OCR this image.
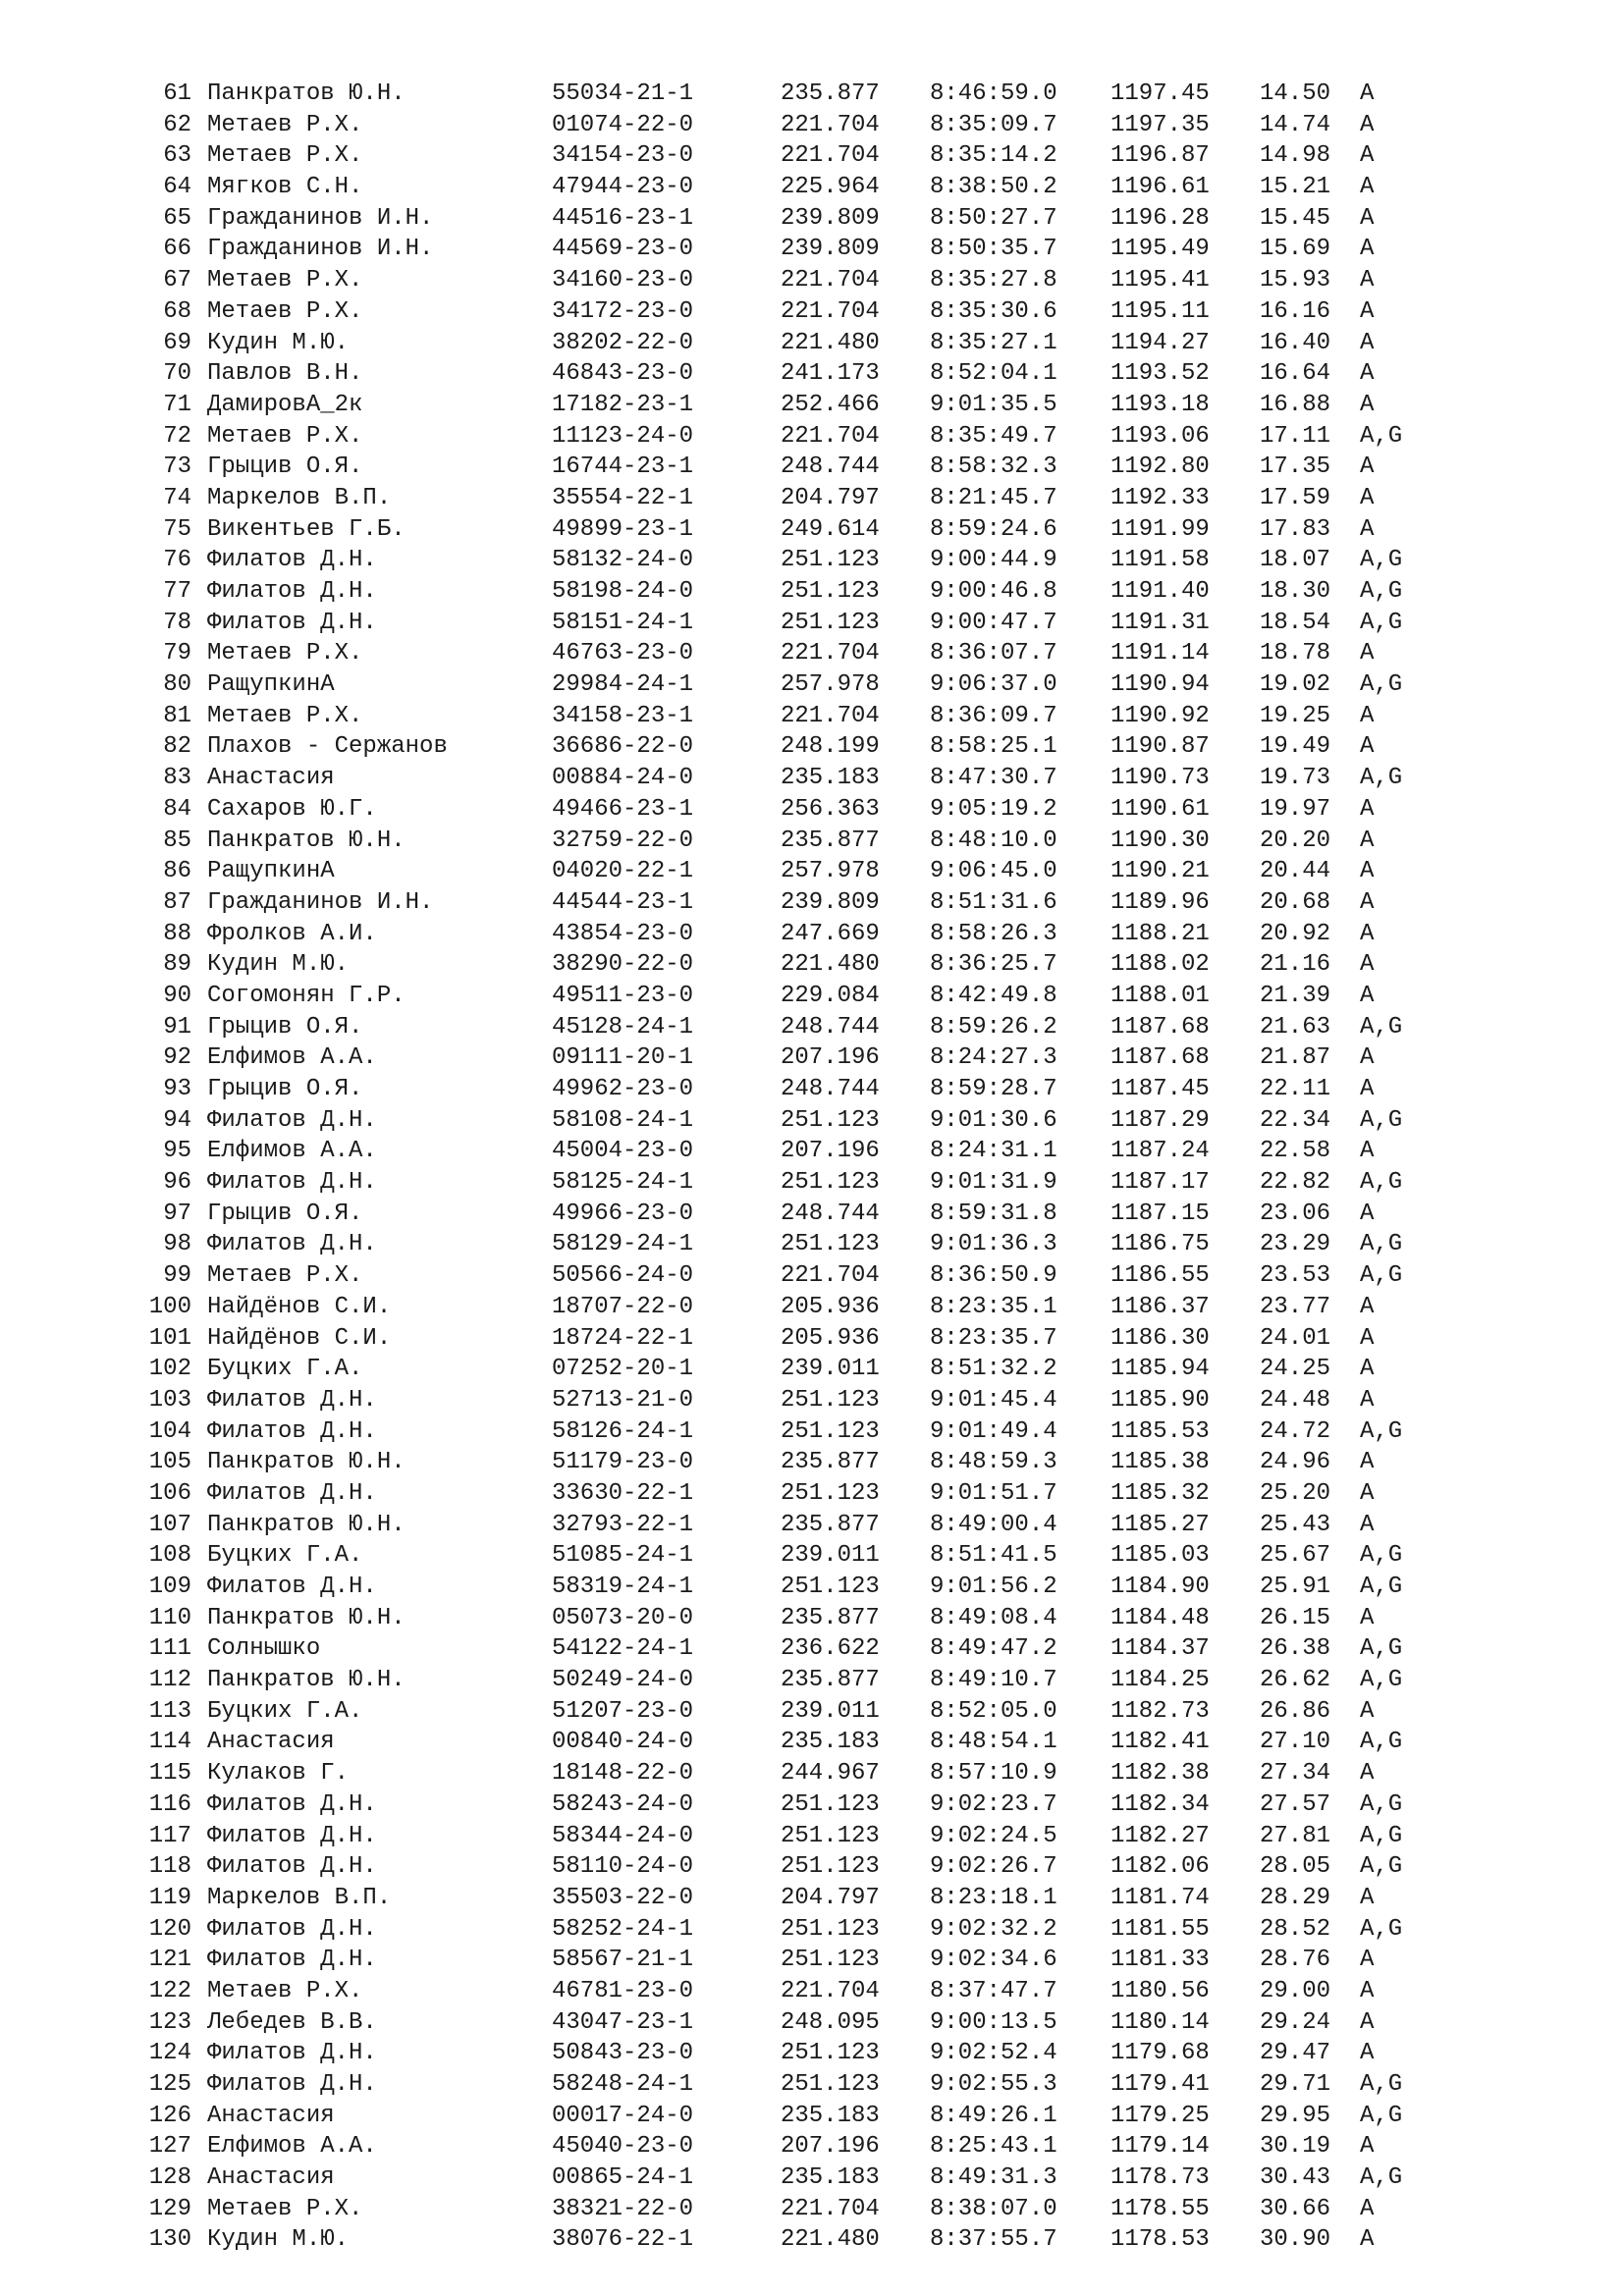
61 Панкратов Ю.Н.	55034-21-1	235.877 8:46:59.0 1197.45 14.50 A
62 Метаев Р.Х.	01074-22-0	221.704 8:35:09.7 1197.35 14.74 A
63 Метаев Р.Х.	34154-23-0	221.704 8:35:14.2 1196.87 14.98 A
64 Мягков С.Н.	47944-23-0	225.964 8:38:50.2 1196.61 15.21 A
65 Гражданинов И.Н.	44516-23-1	239.809 8:50:27.7 1196.28 15.45 A
66 Гражданинов И.Н.	44569-23-0	239.809 8:50:35.7 1195.49 15.69 A
67 Метаев Р.Х.	34160-23-0	221.704 8:35:27.8 1195.41 15.93 A
68 Метаев Р.Х.	34172-23-0	221.704 8:35:30.6 1195.11 16.16 A
69 Кудин М.Ю.	38202-22-0	221.480 8:35:27.1 1194.27 16.40 A
70 Павлов В.Н.	46843-23-0	241.173 8:52:04.1 1193.52 16.64 A
71 ДамировА_2к	17182-23-1	252.466 9:01:35.5 1193.18 16.88 A
72 Метаев Р.Х.	11123-24-0	221.704 8:35:49.7 1193.06 17.11 A,G
73 Грыцив О.Я.	16744-23-1	248.744 8:58:32.3 1192.80 17.35 A
74 Маркелов В.П.	35554-22-1	204.797 8:21:45.7 1192.33 17.59 A
75 Викентьев Г.Б.	49899-23-1	249.614 8:59:24.6 1191.99 17.83 A
76 Филатов Д.Н.	58132-24-0	251.123 9:00:44.9 1191.58 18.07 A,G
77 Филатов Д.Н.	58198-24-0	251.123 9:00:46.8 1191.40 18.30 A,G
78 Филатов Д.Н.	58151-24-1	251.123 9:00:47.7 1191.31 18.54 A,G
79 Метаев Р.Х.	46763-23-0	221.704 8:36:07.7 1191.14 18.78 A
80 РащупкинА	29984-24-1	257.978 9:06:37.0 1190.94 19.02 A,G
81 Метаев Р.Х.	34158-23-1	221.704 8:36:09.7 1190.92 19.25 A
82 Плахов - Сержанов	36686-22-0	248.199 8:58:25.1 1190.87 19.49 A
83 Анастасия	00884-24-0	235.183 8:47:30.7 1190.73 19.73 A,G
84 Сахаров Ю.Г.	49466-23-1	256.363 9:05:19.2 1190.61 19.97 A
85 Панкратов Ю.Н.	32759-22-0	235.877 8:48:10.0 1190.30 20.20 A
86 РащупкинА	04020-22-1	257.978 9:06:45.0 1190.21 20.44 A
87 Гражданинов И.Н.	44544-23-1	239.809 8:51:31.6 1189.96 20.68 A
88 Фролков А.И.	43854-23-0	247.669 8:58:26.3 1188.21 20.92 A
89 Кудин М.Ю.	38290-22-0	221.480 8:36:25.7 1188.02 21.16 A
90 Согомонян Г.Р.	49511-23-0	229.084 8:42:49.8 1188.01 21.39 A
91 Грыцив О.Я.	45128-24-1	248.744 8:59:26.2 1187.68 21.63 A,G
92 Елфимов А.А.	09111-20-1	207.196 8:24:27.3 1187.68 21.87 A
93 Грыцив О.Я.	49962-23-0	248.744 8:59:28.7 1187.45 22.11 A
94 Филатов Д.Н.	58108-24-1	251.123 9:01:30.6 1187.29 22.34 A,G
95 Елфимов А.А.	45004-23-0	207.196 8:24:31.1 1187.24 22.58 A
96 Филатов Д.Н.	58125-24-1	251.123 9:01:31.9 1187.17 22.82 A,G
97 Грыцив О.Я.	49966-23-0	248.744 8:59:31.8 1187.15 23.06 A
98 Филатов Д.Н.	58129-24-1	251.123 9:01:36.3 1186.75 23.29 A,G
99 Метаев Р.Х.	50566-24-0	221.704 8:36:50.9 1186.55 23.53 A,G
100 Найдёнов С.И.	18707-22-0	205.936 8:23:35.1 1186.37 23.77 A
101 Найдёнов С.И.	18724-22-1	205.936 8:23:35.7 1186.30 24.01 A
102 Буцких Г.А.	07252-20-1	239.011 8:51:32.2 1185.94 24.25 A
103 Филатов Д.Н.	52713-21-0	251.123 9:01:45.4 1185.90 24.48 A
104 Филатов Д.Н.	58126-24-1	251.123 9:01:49.4 1185.53 24.72 A,G
105 Панкратов Ю.Н.	51179-23-0	235.877 8:48:59.3 1185.38 24.96 A
106 Филатов Д.Н.	33630-22-1	251.123 9:01:51.7 1185.32 25.20 A
107 Панкратов Ю.Н.	32793-22-1	235.877 8:49:00.4 1185.27 25.43 A
108 Буцких Г.А.	51085-24-1	239.011 8:51:41.5 1185.03 25.67 A,G
109 Филатов Д.Н.	58319-24-1	251.123 9:01:56.2 1184.90 25.91 A,G
110 Панкратов Ю.Н.	05073-20-0	235.877 8:49:08.4 1184.48 26.15 A
111 Солнышко	54122-24-1	236.622 8:49:47.2 1184.37 26.38 A,G
112 Панкратов Ю.Н.	50249-24-0	235.877 8:49:10.7 1184.25 26.62 A,G
113 Буцких Г.А.	51207-23-0	239.011 8:52:05.0 1182.73 26.86 A
114 Анастасия	00840-24-0	235.183 8:48:54.1 1182.41 27.10 A,G
115 Кулаков Г.	18148-22-0	244.967 8:57:10.9 1182.38 27.34 A
116 Филатов Д.Н.	58243-24-0	251.123 9:02:23.7 1182.34 27.57 A,G
117 Филатов Д.Н.	58344-24-0	251.123 9:02:24.5 1182.27 27.81 A,G
118 Филатов Д.Н.	58110-24-0	251.123 9:02:26.7 1182.06 28.05 A,G
119 Маркелов В.П.	35503-22-0	204.797 8:23:18.1 1181.74 28.29 A
120 Филатов Д.Н.	58252-24-1	251.123 9:02:32.2 1181.55 28.52 A,G
121 Филатов Д.Н.	58567-21-1	251.123 9:02:34.6 1181.33 28.76 A
122 Метаев Р.Х.	46781-23-0	221.704 8:37:47.7 1180.56 29.00 A
123 Лебедев В.В.	43047-23-1	248.095 9:00:13.5 1180.14 29.24 A
124 Филатов Д.Н.	50843-23-0	251.123 9:02:52.4 1179.68 29.47 A
125 Филатов Д.Н.	58248-24-1	251.123 9:02:55.3 1179.41 29.71 A,G
126 Анастасия	00017-24-0	235.183 8:49:26.1 1179.25 29.95 A,G
127 Елфимов А.А.	45040-23-0	207.196 8:25:43.1 1179.14 30.19 A
128 Анастасия	00865-24-1	235.183 8:49:31.3 1178.73 30.43 A,G
129 Метаев Р.Х.	38321-22-0	221.704 8:38:07.0 1178.55 30.66 A
130 Кудин М.Ю.	38076-22-1	221.480 8:37:55.7 1178.53 30.90 A
